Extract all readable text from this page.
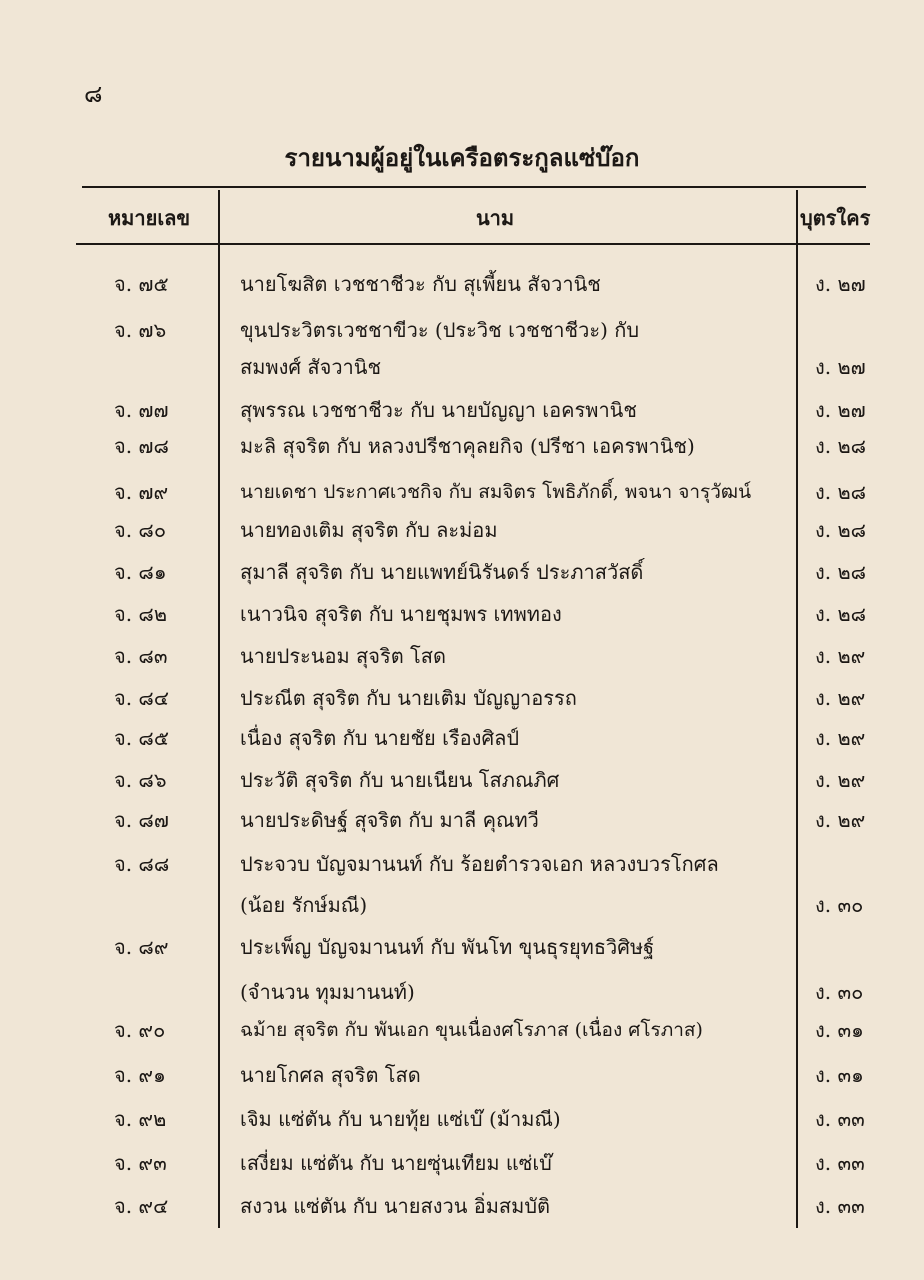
๘
รายนามผู้อยู่ในเครือตระกูลแซ่บ๊อก
หมายเลข	นาม	บุตรใคร
จ. ๗๕	นายโฆสิต เวชชาชีวะ กับ สุเพี้ยน สัจวานิช	ง. ๒๗
จ. ๗๖	ขุนประวิตรเวชชาขีวะ (ประวิช เวชชาชีวะ) กับ
สมพงศ์ สัจวานิช	ง. ๒๗
จ. ๗๗	สุพรรณ เวชชาชีวะ กับ นายบัญญา เอครพานิช	ง. ๒๗
จ. ๗๘	มะลิ สุจริต กับ หลวงปรีชาคุลยกิจ (ปรีชา เอครพานิช)	ง. ๒๘
จ. ๗๙	นายเดชา ประกาศเวชกิจ กับ สมจิตร โพธิภักดิ์, พจนา จารุวัฒน์	ง. ๒๘
จ. ๘๐	นายทองเติม สุจริต กับ ละม่อม	ง. ๒๘
จ. ๘๑	สุมาลี สุจริต กับ นายแพทย์นิรันดร์ ประภาสวัสดิ์	ง. ๒๘
จ. ๘๒	เนาวนิจ สุจริต กับ นายชุมพร เทพทอง	ง. ๒๘
จ. ๘๓	นายประนอม สุจริต โสด	ง. ๒๙
จ. ๘๔	ประณีต สุจริต กับ นายเติม บัญญาอรรถ	ง. ๒๙
จ. ๘๕	เนื่อง สุจริต กับ นายชัย เรืองศิลป์	ง. ๒๙
จ. ๘๖	ประวัติ สุจริต กับ นายเนียน โสภณภิศ	ง. ๒๙
จ. ๘๗	นายประดิษฐ์ สุจริต กับ มาลี คุณทวี	ง. ๒๙
จ. ๘๘	ประจวบ บัญจมานนท์ กับ ร้อยตำรวจเอก หลวงบวรโกศล
(น้อย รักษ์มณี)	ง. ๓๐
จ. ๘๙	ประเพ็ญ บัญจมานนท์ กับ พันโท ขุนธุรยุทธวิศิษฐ์
(จำนวน ทุมมานนท์)	ง. ๓๐
จ. ๙๐	ฉม้าย สุจริต กับ พันเอก ขุนเนื่องศโรภาส (เนื่อง ศโรภาส)	ง. ๓๑
จ. ๙๑	นายโกศล สุจริต โสด	ง. ๓๑
จ. ๙๒	เจิม แซ่ตัน กับ นายทุ้ย แซ่เบ๊ (ม้ามณี)	ง. ๓๓
จ. ๙๓	เสงี่ยม แซ่ตัน กับ นายซุ่นเทียม แซ่เบ๊	ง. ๓๓
จ. ๙๔	สงวน แซ่ตัน กับ นายสงวน อิ่มสมบัติ	ง. ๓๓
